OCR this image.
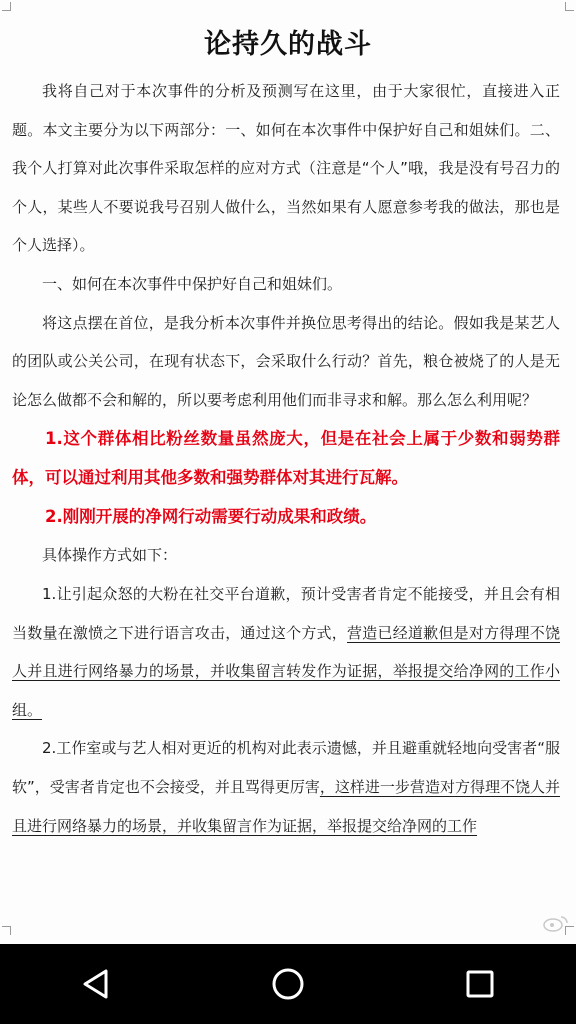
论持久的战斗

我将自己对于本次事件的分析及预测写在这里，由于大家很忙，直接进入正题。本文主要分为以下两部分：一、如何在本次事件中保护好自己和姐妹们。二、我个人打算对此次事件采取怎样的应对方式（注意是“个人”哦，我是没有号召力的个人，某些人不要说我号召别人做什么，当然如果有人愿意参考我的做法，那也是个人选择）。

一、如何在本次事件中保护好自己和姐妹们。

将这点摆在首位，是我分析本次事件并换位思考得出的结论。假如我是某艺人的团队或公关公司，在现有状态下，会采取什么行动？首先，粮仓被烧了的人是无论怎么做都不会和解的，所以要考虑利用他们而非寻求和解。那么怎么利用呢？

1.这个群体相比粉丝数量虽然庞大，但是在社会上属于少数和弱势群体，可以通过利用其他多数和强势群体对其进行瓦解。

2.刚刚开展的净网行动需要行动成果和政绩。

具体操作方式如下：

1.让引起众怒的大粉在社交平台道歉，预计受害者肯定不能接受，并且会有相当数量在激愤之下进行语言攻击，通过这个方式，营造已经道歉但是对方得理不饶人并且进行网络暴力的场景，并收集留言转发作为证据，举报提交给净网的工作小组。

2.工作室或与艺人相对更近的机构对此表示遗憾，并且避重就轻地向受害者“服软”，受害者肯定也不会接受，并且骂得更厉害，这样进一步营造对方得理不饶人并且进行网络暴力的场景，并收集留言作为证据，举报提交给净网的工作
